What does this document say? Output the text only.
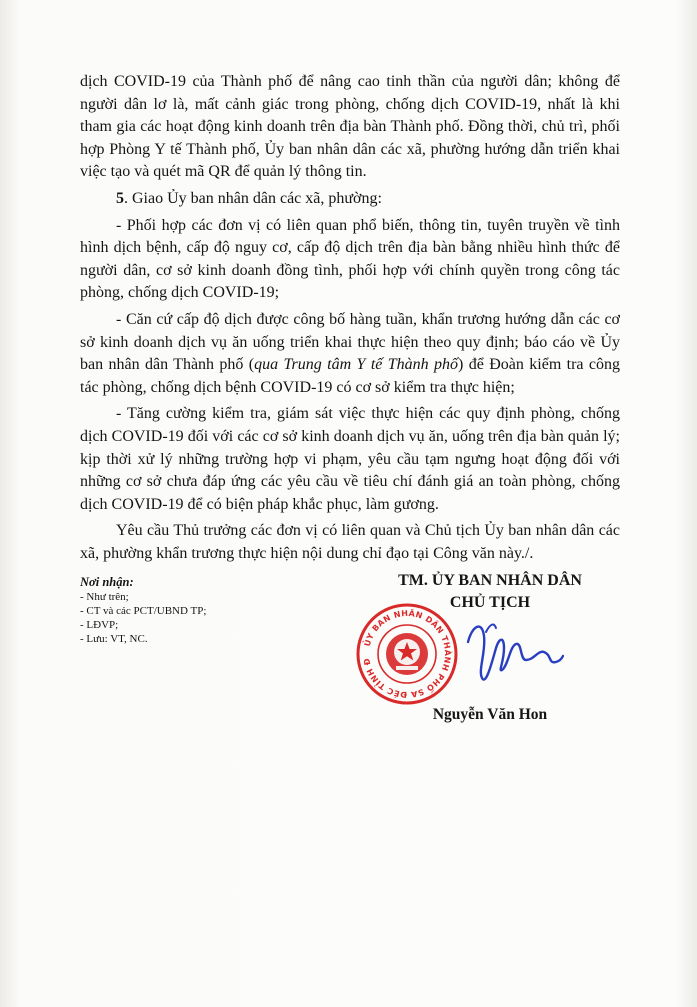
dịch COVID-19 của Thành phố để nâng cao tinh thần của người dân; không để người dân lơ là, mất cảnh giác trong phòng, chống dịch COVID-19, nhất là khi tham gia các hoạt động kinh doanh trên địa bàn Thành phố. Đồng thời, chủ trì, phối hợp Phòng Y tế Thành phố, Ủy ban nhân dân các xã, phường hướng dẫn triển khai việc tạo và quét mã QR để quản lý thông tin.

5. Giao Ủy ban nhân dân các xã, phường:

- Phối hợp các đơn vị có liên quan phổ biến, thông tin, tuyên truyền về tình hình dịch bệnh, cấp độ nguy cơ, cấp độ dịch trên địa bàn bằng nhiều hình thức để người dân, cơ sở kinh doanh đồng tình, phối hợp với chính quyền trong công tác phòng, chống dịch COVID-19;

- Căn cứ cấp độ dịch được công bố hàng tuần, khẩn trương hướng dẫn các cơ sở kinh doanh dịch vụ ăn uống triển khai thực hiện theo quy định; báo cáo về Ủy ban nhân dân Thành phố (qua Trung tâm Y tế Thành phố) để Đoàn kiểm tra công tác phòng, chống dịch bệnh COVID-19 có cơ sở kiểm tra thực hiện;

- Tăng cường kiểm tra, giám sát việc thực hiện các quy định phòng, chống dịch COVID-19 đối với các cơ sở kinh doanh dịch vụ ăn, uống trên địa bàn quản lý; kịp thời xử lý những trường hợp vi phạm, yêu cầu tạm ngưng hoạt động đối với những cơ sở chưa đáp ứng các yêu cầu về tiêu chí đánh giá an toàn phòng, chống dịch COVID-19 để có biện pháp khắc phục, làm gương.

Yêu cầu Thủ trưởng các đơn vị có liên quan và Chủ tịch Ủy ban nhân dân các xã, phường khẩn trương thực hiện nội dung chỉ đạo tại Công văn này./.

Nơi nhận:
- Như trên;
- CT và các PCT/UBND TP;
- LĐVP;
- Lưu: VT, NC.
TM. ỦY BAN NHÂN DÂN
CHỦ TỊCH
ỦY BAN NHÂN DÂN THÀNH PHỐ SA ĐÉC TỈNH Đ
Nguyễn Văn Hon
